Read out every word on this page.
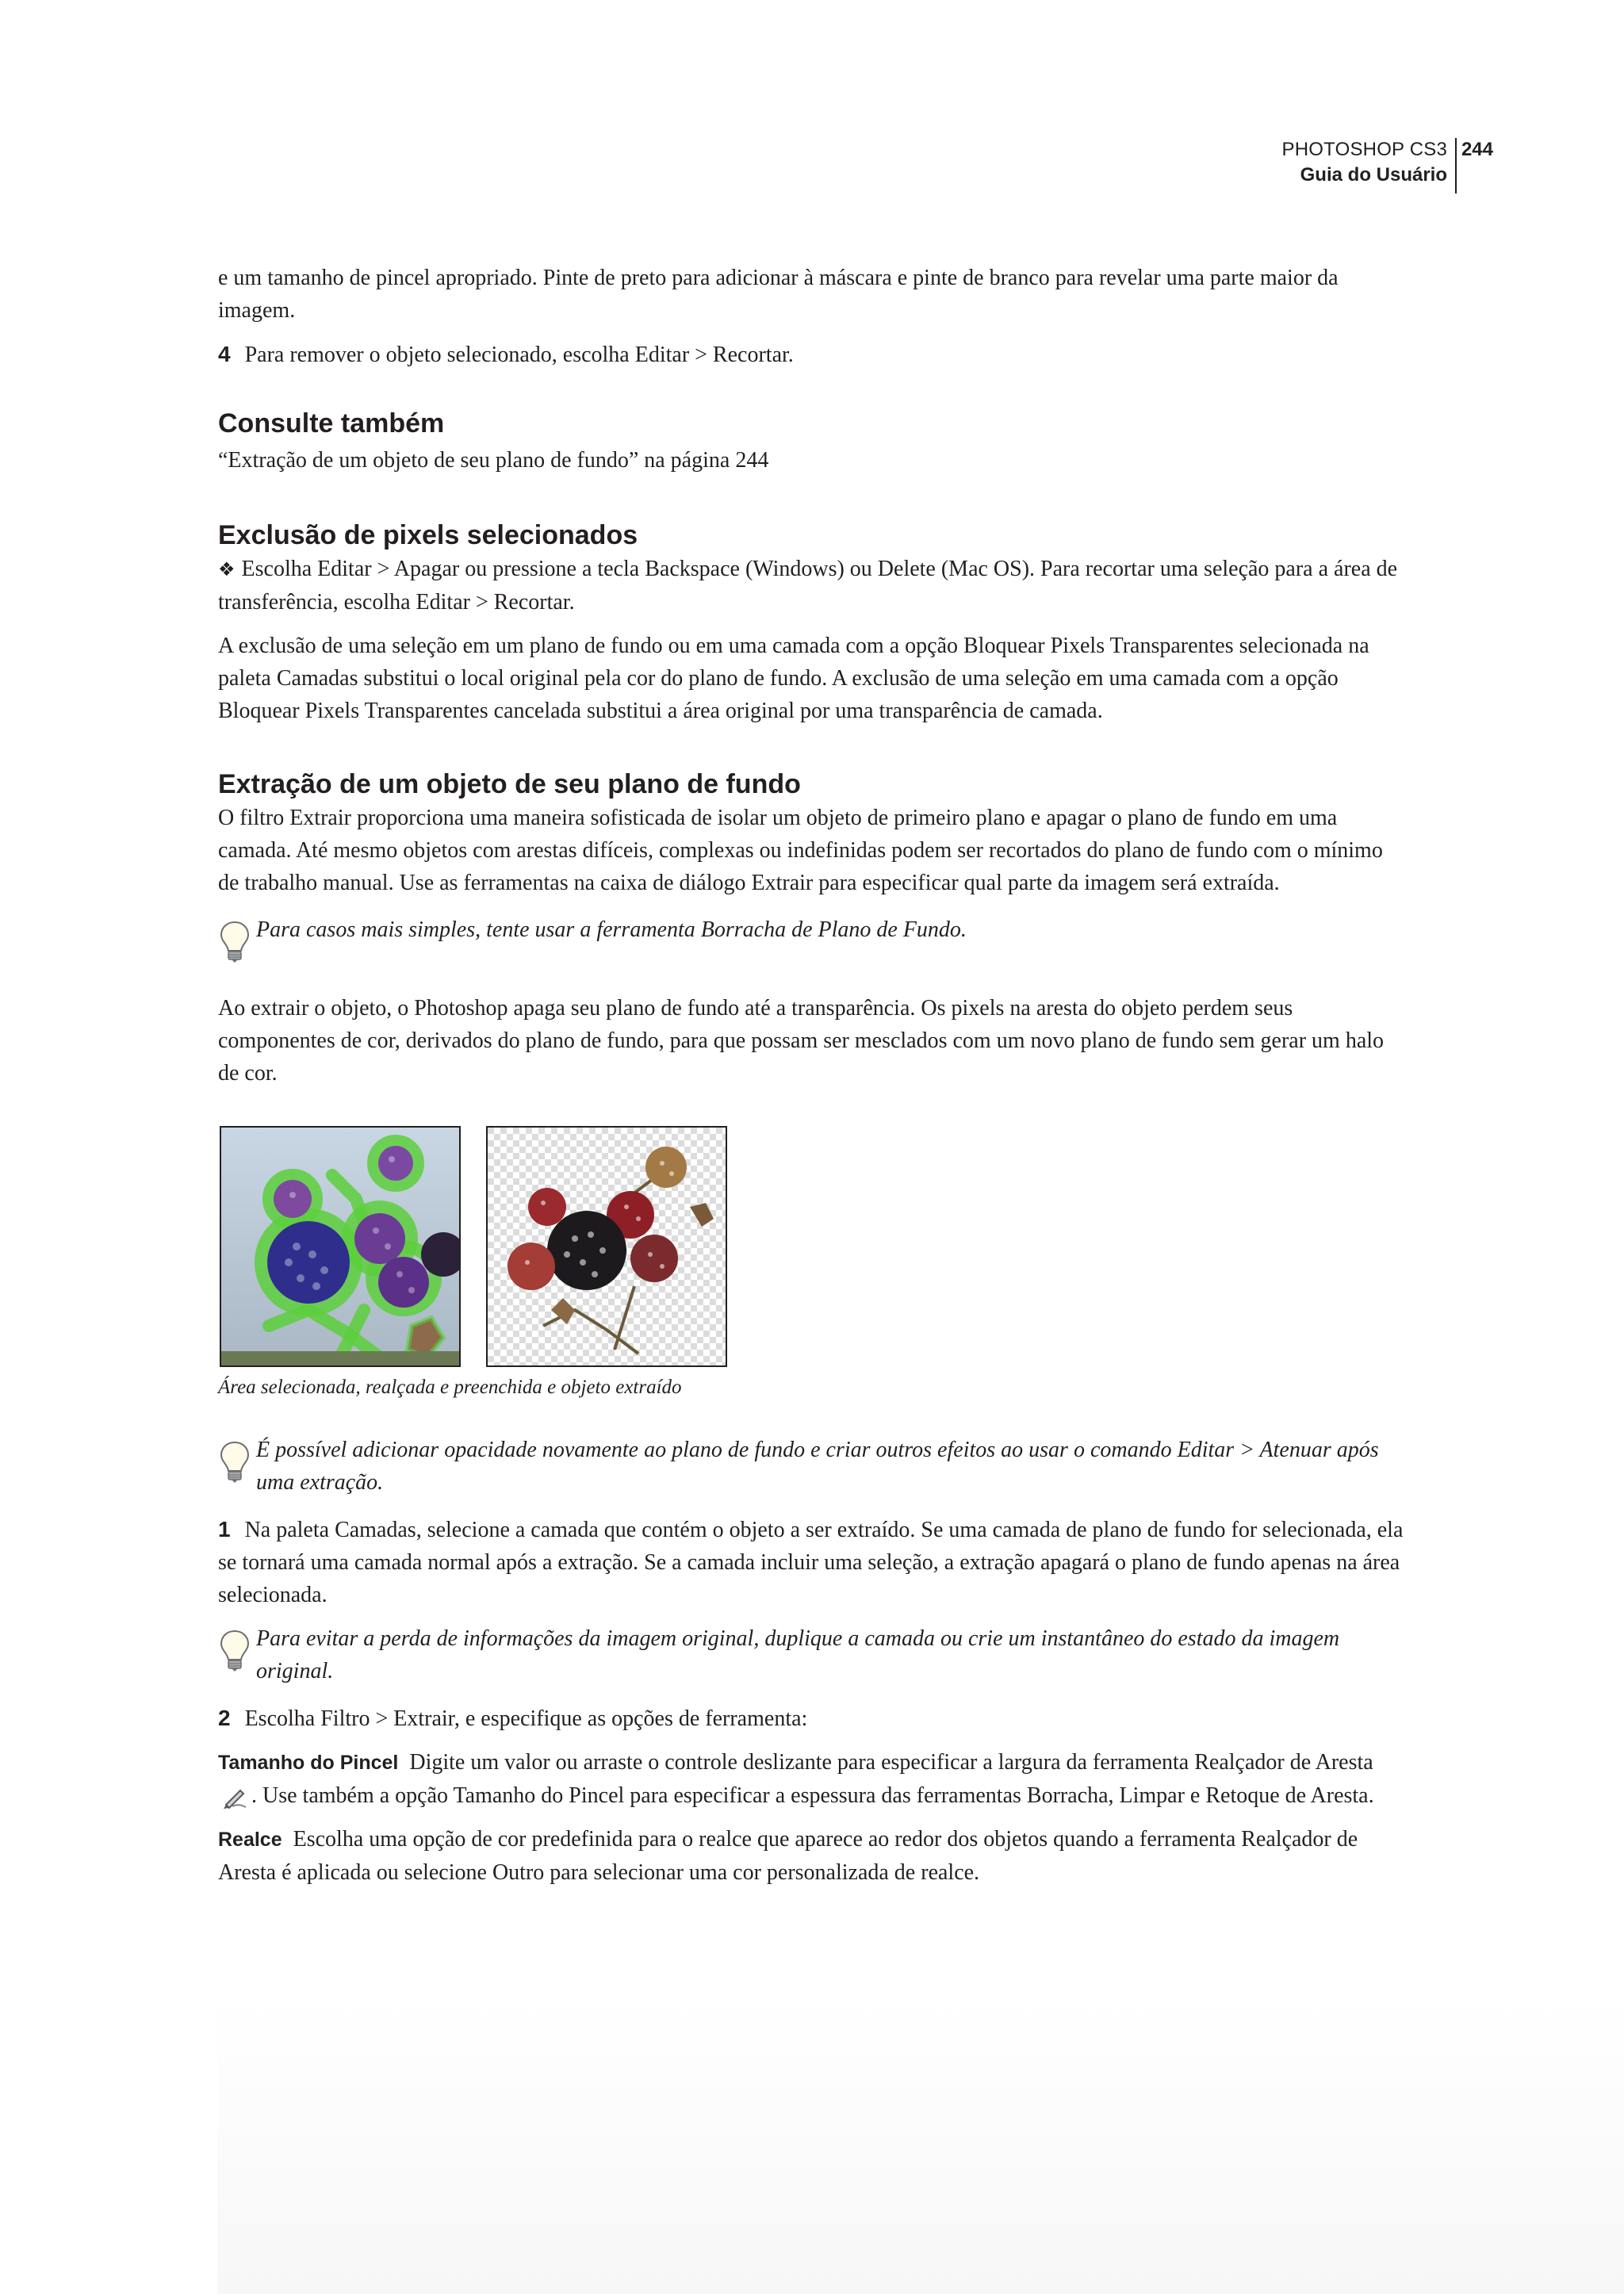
PHOTOSHOP CS3
Guia do Usuário
244

e um tamanho de pincel apropriado. Pinte de preto para adicionar à máscara e pinte de branco para revelar uma parte maior da imagem.

4 Para remover o objeto selecionado, escolha Editar > Recortar.

Consulte também

“Extração de um objeto de seu plano de fundo” na página 244

Exclusão de pixels selecionados

❖ Escolha Editar > Apagar ou pressione a tecla Backspace (Windows) ou Delete (Mac OS). Para recortar uma seleção para a área de transferência, escolha Editar > Recortar.

A exclusão de uma seleção em um plano de fundo ou em uma camada com a opção Bloquear Pixels Transparentes selecionada na paleta Camadas substitui o local original pela cor do plano de fundo. A exclusão de uma seleção em uma camada com a opção Bloquear Pixels Transparentes cancelada substitui a área original por uma transparência de camada.

Extração de um objeto de seu plano de fundo

O filtro Extrair proporciona uma maneira sofisticada de isolar um objeto de primeiro plano e apagar o plano de fundo em uma camada. Até mesmo objetos com arestas difíceis, complexas ou indefinidas podem ser recortados do plano de fundo com o mínimo de trabalho manual. Use as ferramentas na caixa de diálogo Extrair para especificar qual parte da imagem será extraída.

Para casos mais simples, tente usar a ferramenta Borracha de Plano de Fundo.

Ao extrair o objeto, o Photoshop apaga seu plano de fundo até a transparência. Os pixels na aresta do objeto perdem seus componentes de cor, derivados do plano de fundo, para que possam ser mesclados com um novo plano de fundo sem gerar um halo de cor.

Área selecionada, realçada e preenchida e objeto extraído

É possível adicionar opacidade novamente ao plano de fundo e criar outros efeitos ao usar o comando Editar > Atenuar após uma extração.

1 Na paleta Camadas, selecione a camada que contém o objeto a ser extraído. Se uma camada de plano de fundo for selecionada, ela se tornará uma camada normal após a extração. Se a camada incluir uma seleção, a extração apagará o plano de fundo apenas na área selecionada.

Para evitar a perda de informações da imagem original, duplique a camada ou crie um instantâneo do estado da imagem original.

2 Escolha Filtro > Extrair, e especifique as opções de ferramenta:

Tamanho do Pincel Digite um valor ou arraste o controle deslizante para especificar a largura da ferramenta Realçador de Aresta. Use também a opção Tamanho do Pincel para especificar a espessura das ferramentas Borracha, Limpar e Retoque de Aresta.

Realce Escolha uma opção de cor predefinida para o realce que aparece ao redor dos objetos quando a ferramenta Realçador de Aresta é aplicada ou selecione Outro para selecionar uma cor personalizada de realce.
